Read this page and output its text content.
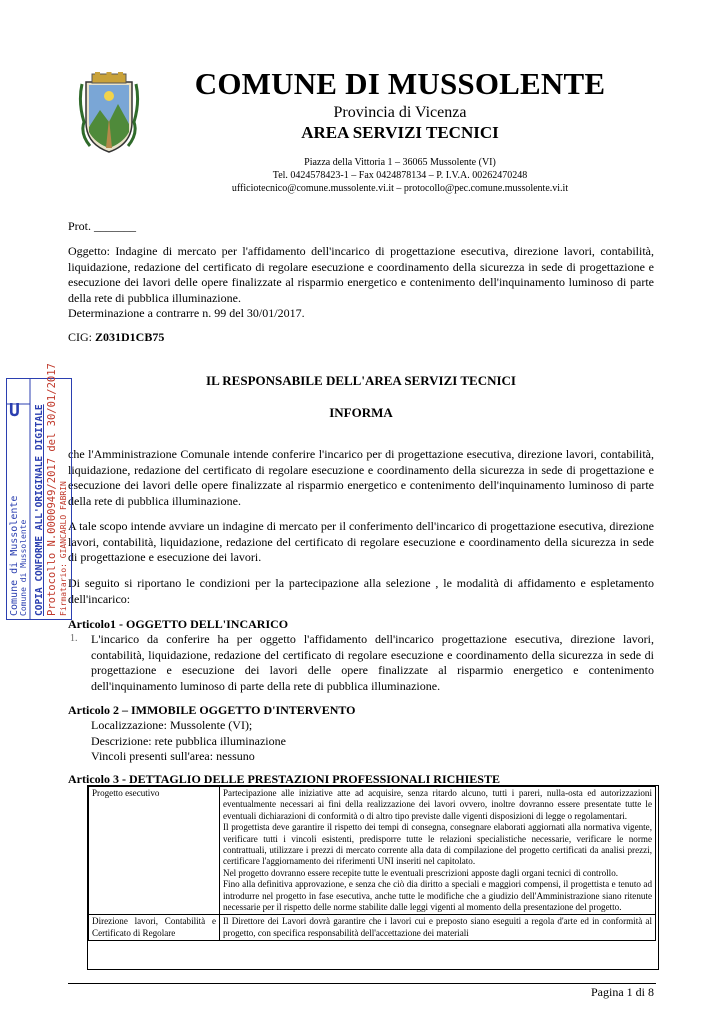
COMUNE DI MUSSOLENTE
Provincia di Vicenza
AREA SERVIZI TECNICI
Piazza della Vittoria 1 – 36065 Mussolente (VI)
Tel. 0424578423-1 – Fax 0424878134 – P. I.V.A. 00262470248
ufficiotecnico@comune.mussolente.vi.it – protocollo@pec.comune.mussolente.vi.it
Prot. _______
Oggetto: Indagine di mercato per l'affidamento dell'incarico di progettazione esecutiva, direzione lavori, contabilità, liquidazione, redazione del certificato di regolare esecuzione e coordinamento della sicurezza in sede di progettazione e esecuzione dei lavori delle opere finalizzate al risparmio energetico e contenimento dell'inquinamento luminoso di parte della rete di pubblica illuminazione.
Determinazione a contrarre n. 99 del 30/01/2017.
CIG: Z031D1CB75
IL RESPONSABILE DELL'AREA SERVIZI TECNICI
INFORMA
che l'Amministrazione Comunale intende conferire l'incarico per di progettazione esecutiva, direzione lavori, contabilità, liquidazione, redazione del certificato di regolare esecuzione e coordinamento della sicurezza in sede di progettazione e esecuzione dei lavori delle opere finalizzate al risparmio energetico e contenimento dell'inquinamento luminoso di parte della rete di pubblica illuminazione.
A tale scopo intende avviare un indagine di mercato per il conferimento dell'incarico di progettazione esecutiva, direzione lavori, contabilità, liquidazione, redazione del certificato di regolare esecuzione e coordinamento della sicurezza in sede di progettazione e esecuzione dei lavori.
Di seguito si riportano le condizioni per la partecipazione alla selezione , le modalità di affidamento e espletamento dell'incarico:
Articolo1 - OGGETTO DELL'INCARICO
1. L'incarico da conferire ha per oggetto l'affidamento dell'incarico progettazione esecutiva, direzione lavori, contabilità, liquidazione, redazione del certificato di regolare esecuzione e coordinamento della sicurezza in sede di progettazione e esecuzione dei lavori delle opere finalizzate al risparmio energetico e contenimento dell'inquinamento luminoso di parte della rete di pubblica illuminazione.
Articolo 2 – IMMOBILE OGGETTO D'INTERVENTO
Localizzazione: Mussolente (VI);
Descrizione: rete pubblica illuminazione
Vincoli presenti sull'area: nessuno
Articolo 3 - DETTAGLIO DELLE PRESTAZIONI PROFESSIONALI RICHIESTE
Progetto esecutivo	Partecipazione alle iniziative atte ad acquisire, senza ritardo alcuno, tutti i pareri, nulla-osta ed autorizzazioni eventualmente necessari ai fini della realizzazione dei lavori ovvero, inoltre dovranno essere presentate tutte le eventuali dichiarazioni di conformità o di altro tipo previste dalle vigenti disposizioni di legge o regolamentari.
Il progettista deve garantire il rispetto dei tempi di consegna, consegnare elaborati aggiornati alla normativa vigente, verificare tutti i vincoli esistenti, predisporre tutte le relazioni specialistiche necessarie, verificare le norme contrattuali, utilizzare i prezzi di mercato corrente alla data di compilazione del progetto certificati da analisi prezzi, certificare l'aggiornamento dei riferimenti UNI inseriti nel capitolato.
Nel progetto dovranno essere recepite tutte le eventuali prescrizioni apposte dagli organi tecnici di controllo.
Fino alla definitiva approvazione, e senza che ciò dia diritto a speciali e maggiori compensi, il progettista e tenuto ad introdurre nel progetto in fase esecutiva, anche tutte le modifiche che a giudizio dell'Amministrazione siano ritenute necessarie per il rispetto delle norme stabilite dalle leggi vigenti al momento della presentazione del progetto.

Direzione lavori, Contabilità e Certificato di Regolare	Il Direttore dei Lavori dovrà garantire che i lavori cui e preposto siano eseguiti a regola d'arte ed in conformità al progetto, con specifica responsabilità dell'accettazione dei materiali
Pagina 1 di 8
U
Comune di Mussolente Comune di Mussolente COPIA CONFORME ALL'ORIGINALE DIGITALE Protocollo N.0000949/2017 del 30/01/2017 Firmatario: GIANCARLO FABRIN
